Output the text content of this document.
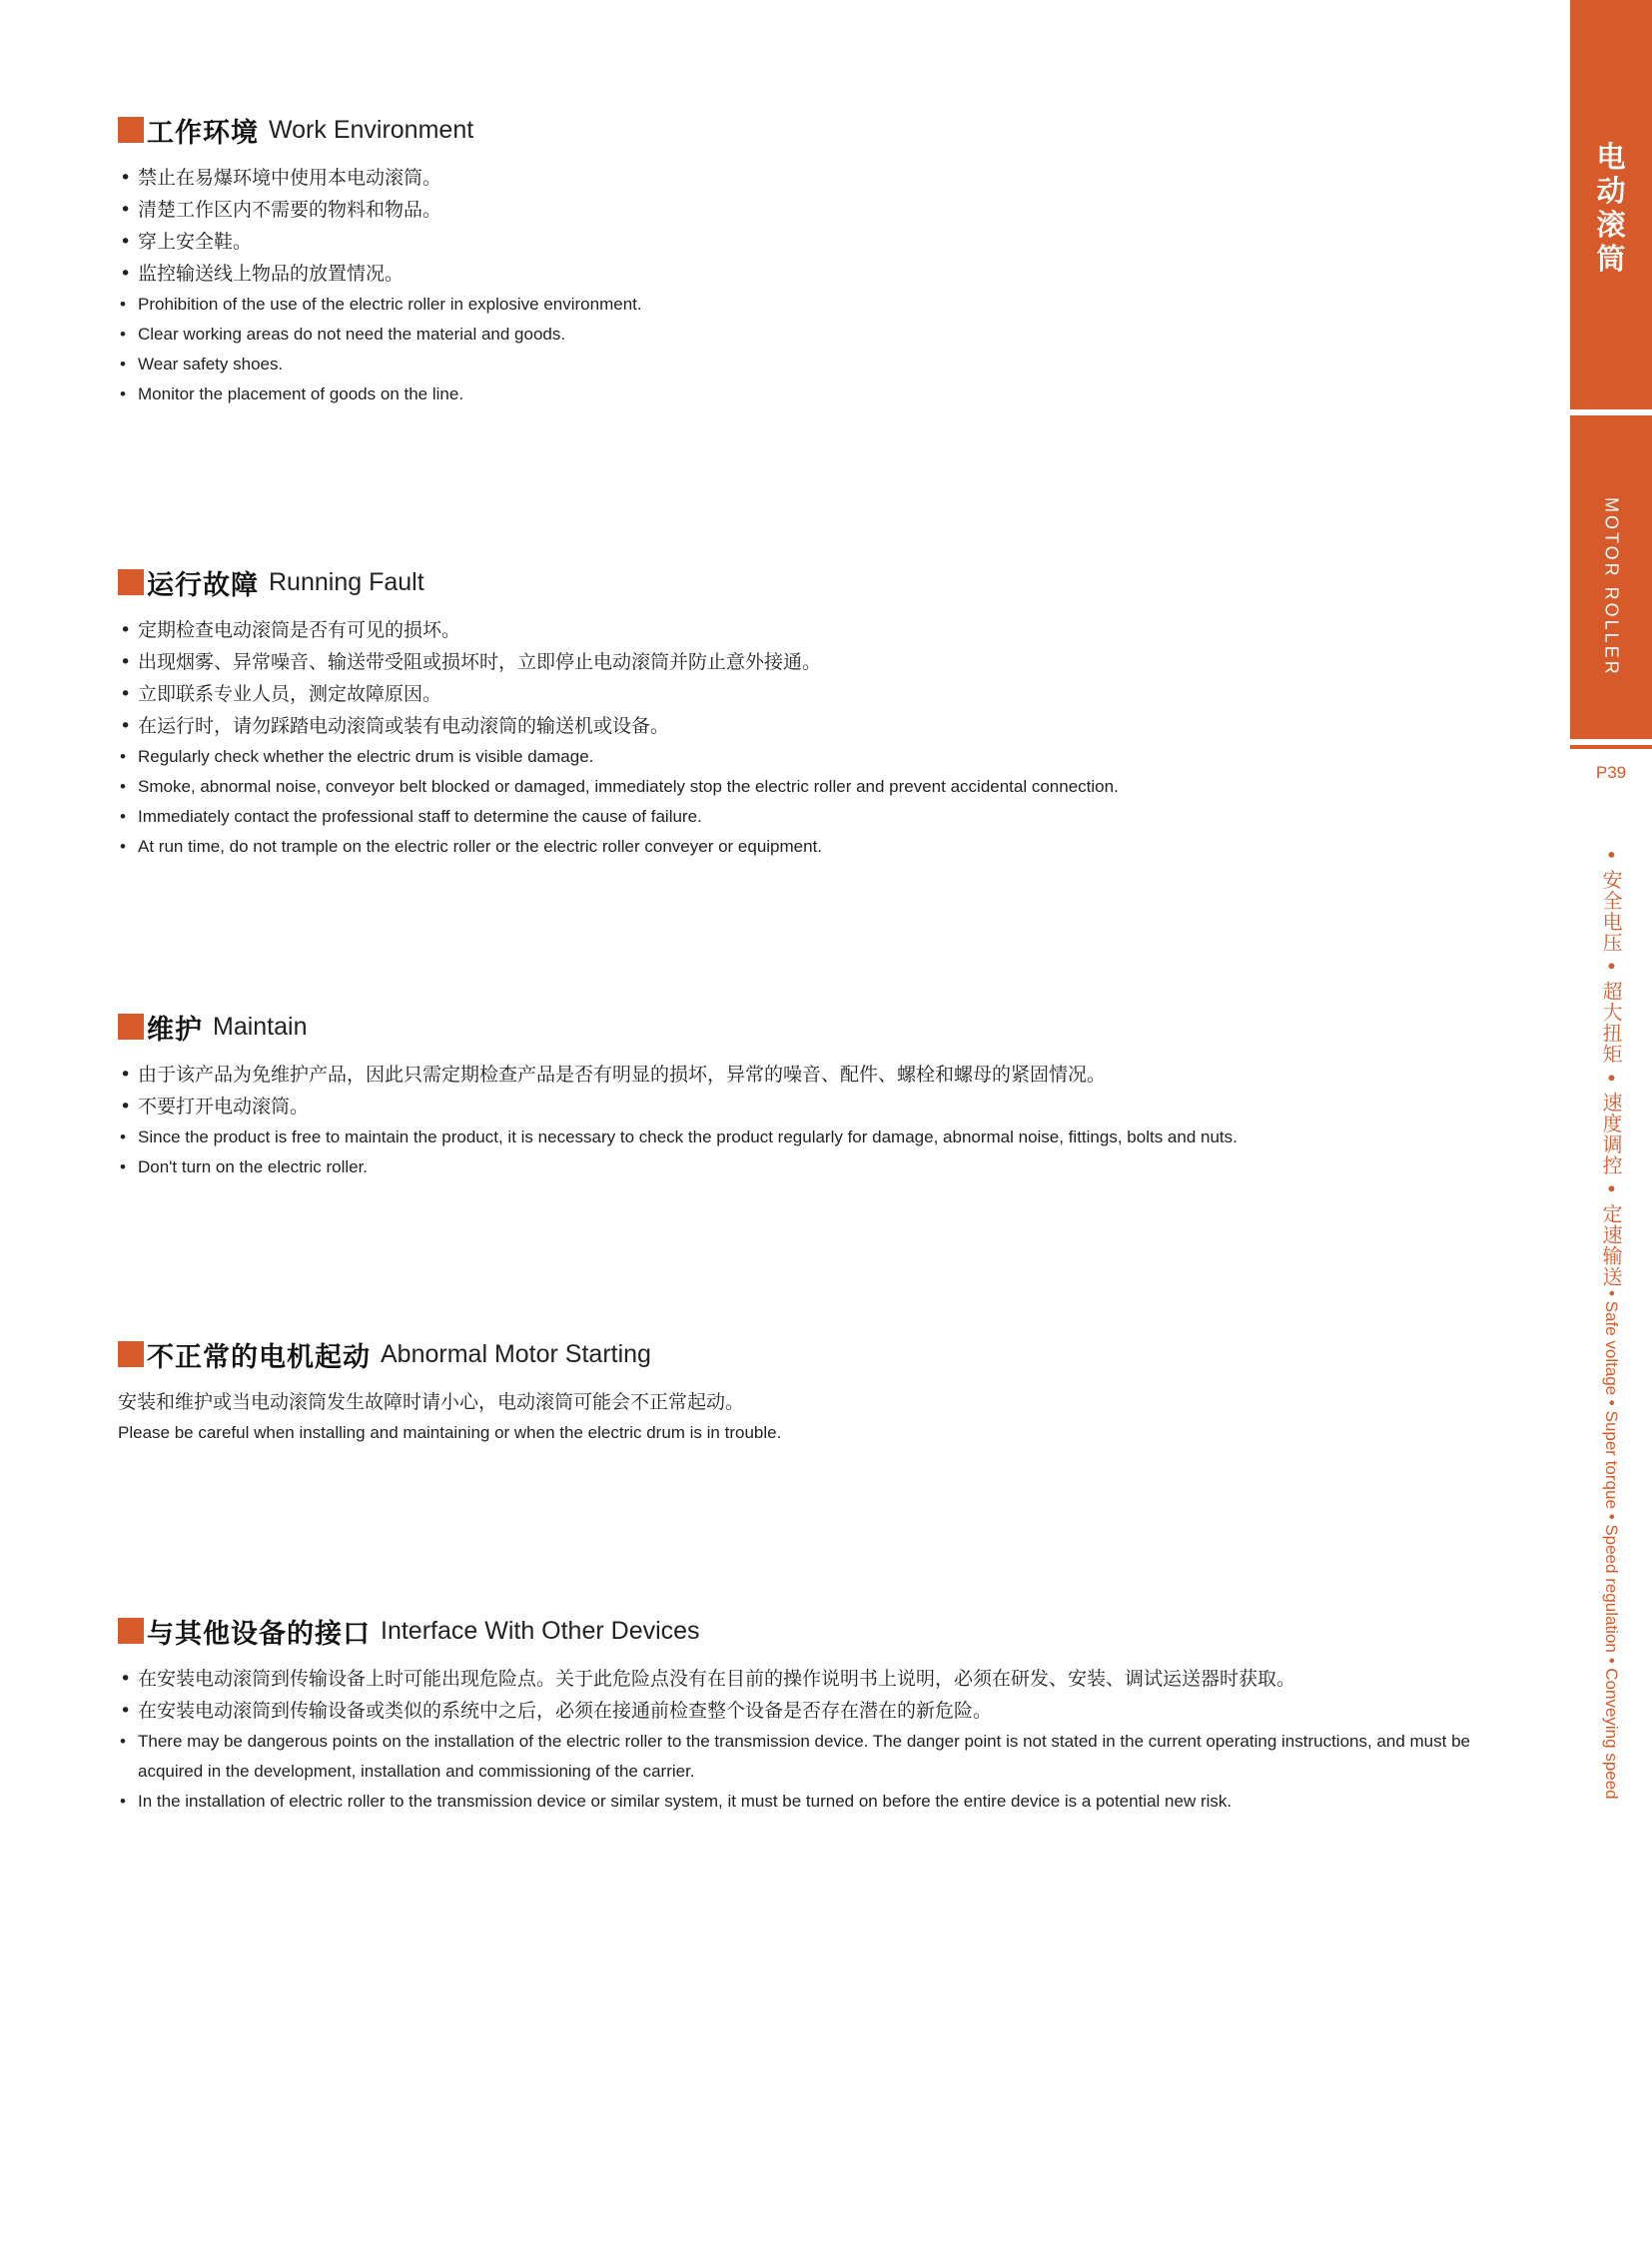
工作环境 Work Environment
• 禁止在易爆环境中使用本电动滚筒。
• 清楚工作区内不需要的物料和物品。
• 穿上安全鞋。
• 监控输送线上物品的放置情况。
• Prohibition of the use of the electric roller in explosive environment.
• Clear working areas do not need the material and goods.
• Wear safety shoes.
• Monitor the placement of goods on the line.
运行故障 Running Fault
• 定期检查电动滚筒是否有可见的损坏。
• 出现烟雾、异常噪音、输送带受阻或损坏时，立即停止电动滚筒并防止意外接通。
• 立即联系专业人员，测定故障原因。
• 在运行时，请勿踩踏电动滚筒或装有电动滚筒的输送机或设备。
• Regularly check whether the electric drum is visible damage.
• Smoke, abnormal noise, conveyor belt blocked or damaged, immediately stop the electric roller and prevent accidental connection.
• Immediately contact the professional staff to determine the cause of failure.
• At run time, do not trample on the electric roller or the electric roller conveyer or equipment.
维护 Maintain
• 由于该产品为免维护产品，因此只需定期检查产品是否有明显的损坏，异常的噪音、配件、螺栓和螺母的紧固情况。
• 不要打开电动滚筒。
• Since the product is free to maintain the product, it is necessary to check the product regularly for damage, abnormal noise, fittings, bolts and nuts.
• Don't turn on the electric roller.
不正常的电机起动 Abnormal Motor Starting

安装和维护或当电动滚筒发生故障时请小心，电动滚筒可能会不正常起动。

Please be careful when installing and maintaining or when the electric drum is in trouble.

与其他设备的接口 Interface With Other Devices
• 在安装电动滚筒到传输设备上时可能出现危险点。关于此危险点没有在目前的操作说明书上说明，必须在研发、安装、调试运送器时获取。
• 在安装电动滚筒到传输设备或类似的系统中之后，必须在接通前检查整个设备是否存在潜在的新危险。
• There may be dangerous points on the installation of the electric roller to the transmission device. The danger point is not stated in the current operating instructions, and must be acquired in the development, installation and commissioning of the carrier.
• In the installation of electric roller to the transmission device or similar system, it must be turned on before the entire device is a potential new risk.
电
动
滚
筒
MOTOR ROLLER
P39
• 安全电压• 超大扭矩• 速度调控• 定速输送
• Safe voltage• Super torque• Speed regulation• Conveying speed
